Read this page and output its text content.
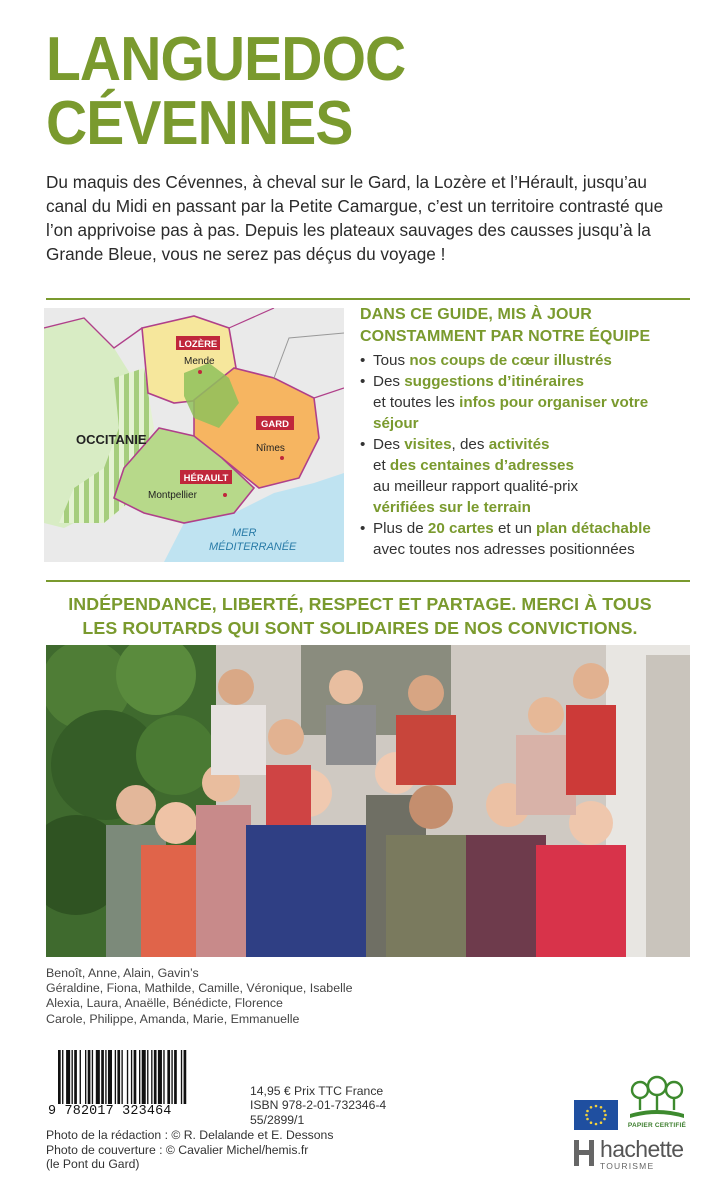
LANGUEDOC
CÉVENNES

Du maquis des Cévennes, à cheval sur le Gard, la Lozère et l’Hérault, jusqu’au canal du Midi en passant par la Petite Camargue, c’est un territoire contrasté que l’on apprivoise pas à pas. Depuis les plateaux sauvages des causses jusqu’à la Grande Bleue, vous ne serez pas déçus du voyage !

LOZÈRE
Mende
GARD
Nîmes
HÉRAULT
Montpellier
OCCITANIE
MER
MÉDITERRANÉE
DANS CE GUIDE, MIS À JOUR
CONSTAMMENT PAR NOTRE ÉQUIPE
• Tous nos coups de cœur illustrés
• Des suggestions d’itinéraires
et toutes les infos pour organiser votre séjour
• Des visites, des activités
et des centaines d’adresses
au meilleur rapport qualité-prix
vérifiées sur le terrain
• Plus de 20 cartes et un plan détachable
avec toutes nos adresses positionnées
INDÉPENDANCE, LIBERTÉ, RESPECT ET PARTAGE. MERCI À TOUS
LES ROUTARDS QUI SONT SOLIDAIRES DE NOS CONVICTIONS.
Benoît, Anne, Alain, Gavin’s
Géraldine, Fiona, Mathilde, Camille, Véronique, Isabelle
Alexia, Laura, Anaëlle, Bénédicte, Florence
Carole, Philippe, Amanda, Marie, Emmanuelle
9 782017 323464
14,95 € Prix TTC France
ISBN 978-2-01-732346-4
55/2899/1
Photo de la rédaction : © R. Delalande et E. Dessons
Photo de couverture : © Cavalier Michel/hemis.fr
(le Pont du Gard)
PAPIER CERTIFIÉ
hachette
TOURISME
